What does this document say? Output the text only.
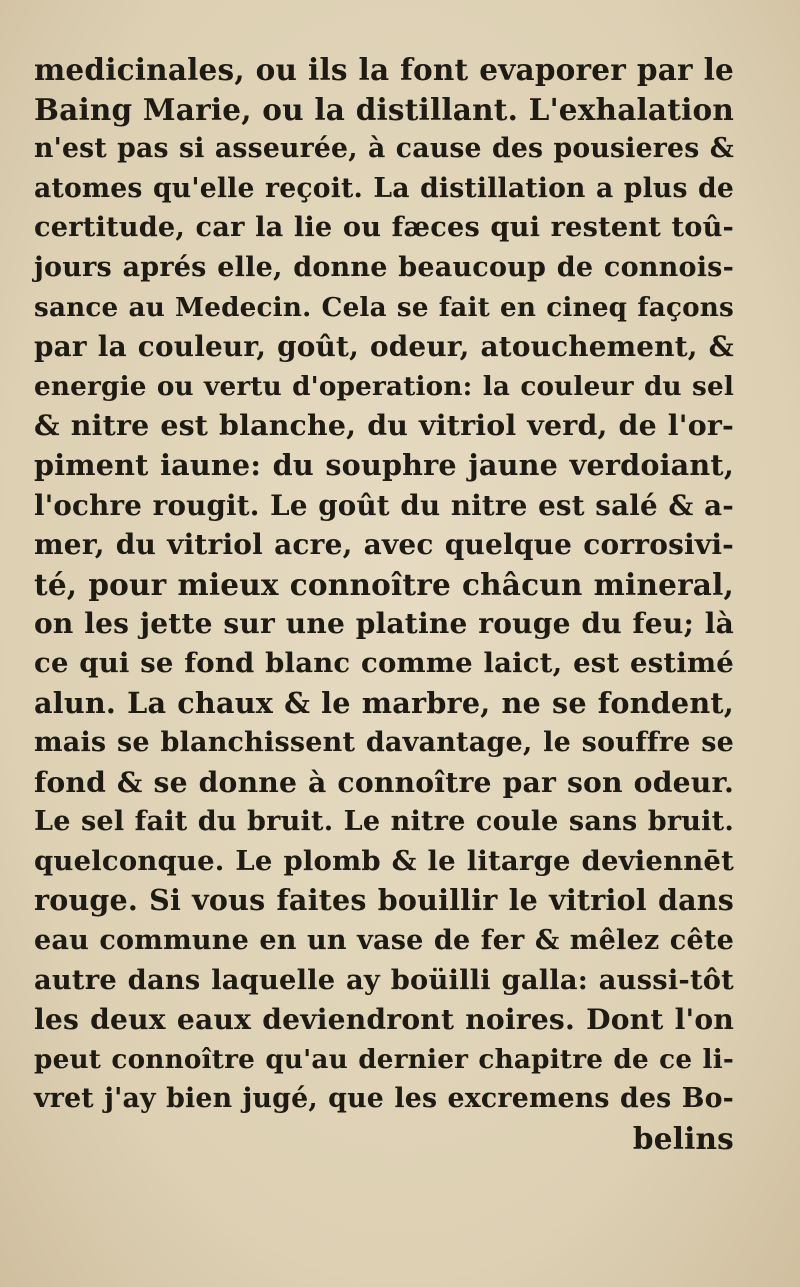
medicinales, ou ils la font evaporer par le
Baing Marie, ou la distillant. L'exhalation
n'est pas si asseurée, à cause des pousieres &
atomes qu'elle reçoit. La distillation a plus de
certitude, car la lie ou fæces qui restent toû-
jours aprés elle, donne beaucoup de connois-
sance au Medecin. Cela se fait en cineq façons
par la couleur, goût, odeur, atouchement, &
energie ou vertu d'operation: la couleur du sel
& nitre est blanche, du vitriol verd, de l'or-
piment iaune: du souphre jaune verdoiant,
l'ochre rougit. Le goût du nitre est salé & a-
mer, du vitriol acre, avec quelque corrosivi-
té, pour mieux connoître châcun mineral,
on les jette sur une platine rouge du feu; là
ce qui se fond blanc comme laict, est estimé
alun. La chaux & le marbre, ne se fondent,
mais se blanchissent davantage, le souffre se
fond & se donne à connoître par son odeur.
Le sel fait du bruit. Le nitre coule sans bruit.
quelconque. Le plomb & le litarge deviennēt
rouge. Si vous faites bouillir le vitriol dans
eau commune en un vase de fer & mêlez cête
autre dans laquelle ay boüilli galla: aussi-tôt
les deux eaux deviendront noires. Dont l'on
peut connoître qu'au dernier chapitre de ce li-
vret j'ay bien jugé, que les excremens des Bo-
belins
